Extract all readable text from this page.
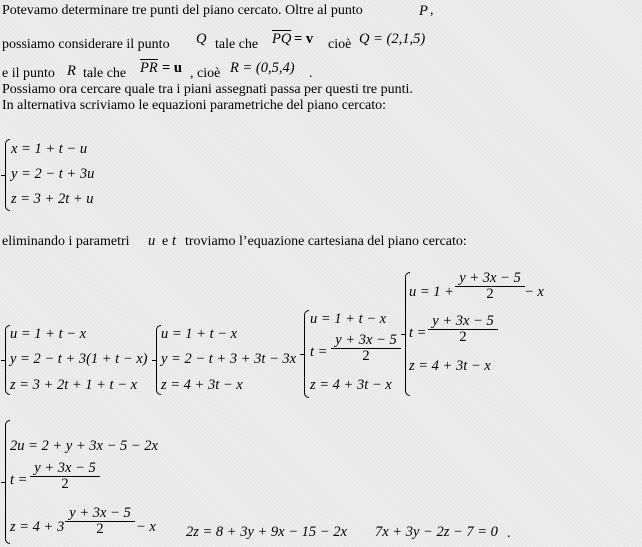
Potevamo determinare tre punti del piano cercato. Oltre al punto	P ,
possiamo considerare il punto Q tale che $\overline{PQ} = v$ cioè Q = (2,1,5)
e il punto R tale che $\overline{PR} = u$ , cioè R = (0,5,4) .
Possiamo ora cercare quale tra i piani assegnati passa per questi tre punti.
In alternativa scriviamo le equazioni parametriche del piano cercato:
x = 1 + t − u
y = 2 − t + 3u
z = 3 + 2t + u
eliminando i parametri u e t troviamo l’equazione cartesiana del piano cercato:
u = 1 + t − x
y = 2 − t + 3(1 + t − x)
z = 3 + 2t + 1 + t − x
u = 1 + t − x
y = 2 − t + 3 + 3t − 3x
z = 4 + 3t − x
u = 1 + t − x
$t = \frac{y + 3x - 5}{2}$
z = 4 + 3t − x
$u = 1 + \frac{y + 3x - 5}{2} - x$
$t = \frac{y + 3x - 5}{2}$
z = 4 + 3t − x
2u = 2 + y + 3x − 5 − 2x
$t = \frac{y + 3x - 5}{2}$
$z = 4 + 3 \frac{y + 3x - 5}{2} - x$ 2z = 8 + 3y + 9x − 15 − 2x 7x + 3y − 2z − 7 = 0 .
